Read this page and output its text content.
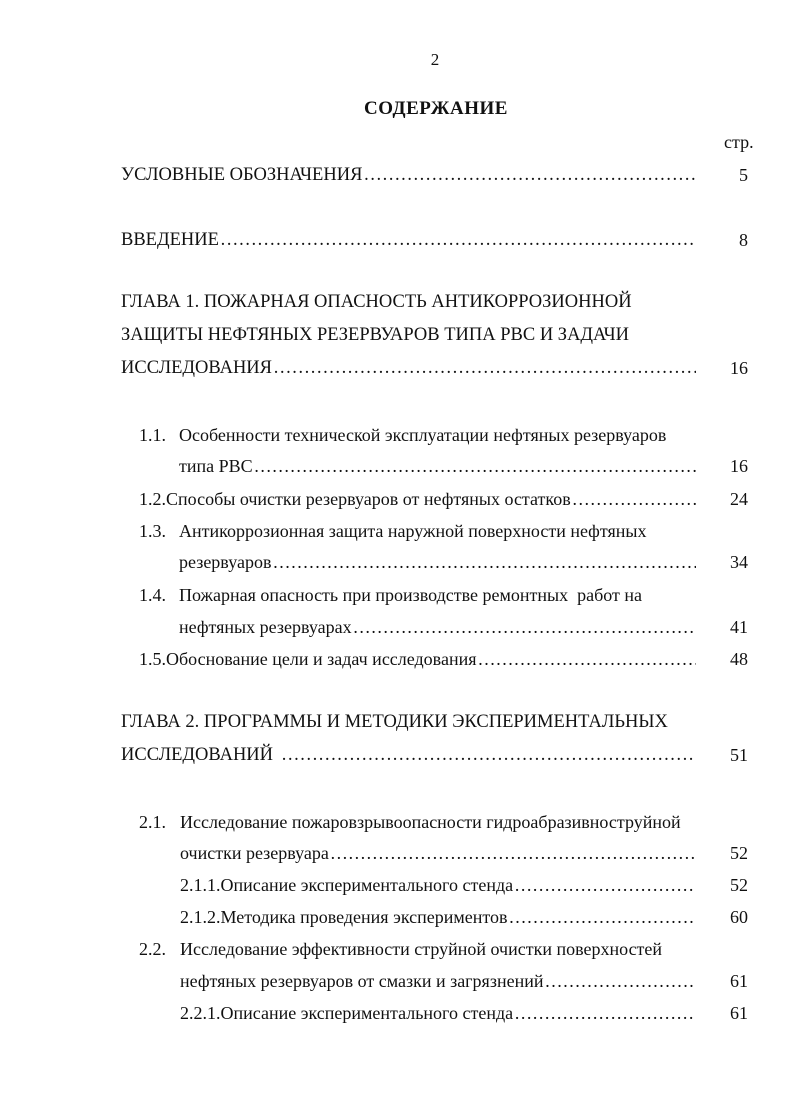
2
СОДЕРЖАНИЕ
стр.
УСЛОВНЫЕ ОБОЗНАЧЕНИЯ …………………………………………………………………………………………………………………………………………………	5
ВВЕДЕНИЕ …………………………………………………………………………………………………………………………………………………	8
ГЛАВА 1. ПОЖАРНАЯ ОПАСНОСТЬ АНТИКОРРОЗИОННОЙ
ЗАЩИТЫ НЕФТЯНЫХ РЕЗЕРВУАРОВ ТИПА РВС И ЗАДАЧИ
ИССЛЕДОВАНИЯ …………………………………………………………………………………………………………………………………………………	16
1.1. Особенности технической эксплуатации нефтяных резервуаров
типа РВС …………………………………………………………………………………………………………………………………………………	16
1.2. Способы очистки резервуаров от нефтяных остатков …………………………………………………………………………………………………………………………………………………	24
1.3. Антикоррозионная защита наружной поверхности нефтяных
резервуаров …………………………………………………………………………………………………………………………………………………	34
1.4. Пожарная опасность при производстве ремонтных  работ на
нефтяных резервуарах …………………………………………………………………………………………………………………………………………………	41
1.5. Обоснование цели и задач исследования …………………………………………………………………………………………………………………………………………………	48
ГЛАВА 2. ПРОГРАММЫ И МЕТОДИКИ ЭКСПЕРИМЕНТАЛЬНЫХ
ИССЛЕДОВАНИЙ …………………………………………………………………………………………………………………………………………………	51
2.1. Исследование пожаровзрывоопасности гидроабразивноструйной
очистки резервуара …………………………………………………………………………………………………………………………………………………	52
2.1.1. Описание экспериментального стенда …………………………………………………………………………………………………………………………………………………	52
2.1.2. Методика проведения экспериментов …………………………………………………………………………………………………………………………………………………	60
2.2. Исследование эффективности струйной очистки поверхностей
нефтяных резервуаров от смазки и загрязнений …………………………………………………………………………………………………………………………………………………	61
2.2.1. Описание экспериментального стенда …………………………………………………………………………………………………………………………………………………	61
